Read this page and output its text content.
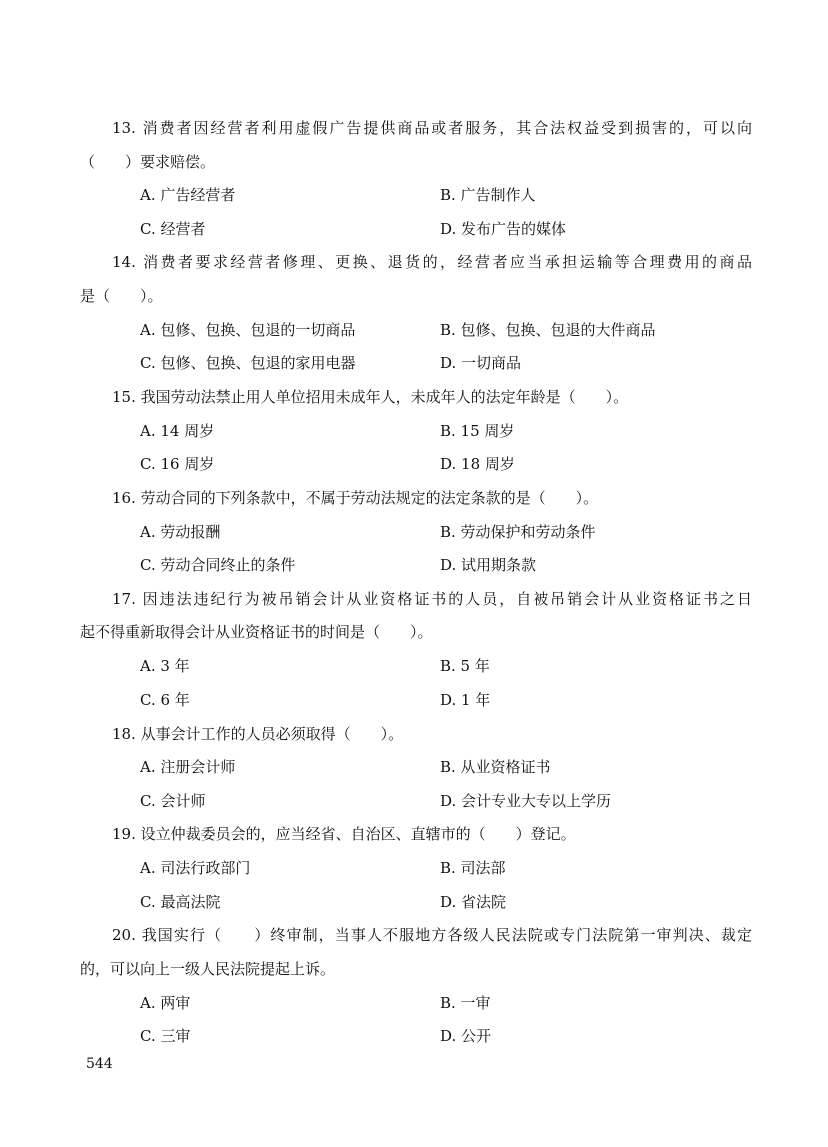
13. 消费者因经营者利用虚假广告提供商品或者服务，其合法权益受到损害的，可以向
（　　）要求赔偿。
A. 广告经营者	B. 广告制作人
C. 经营者	D. 发布广告的媒体
14. 消费者要求经营者修理、更换、退货的，经营者应当承担运输等合理费用的商品
是（　　）。
A. 包修、包换、包退的一切商品	B. 包修、包换、包退的大件商品
C. 包修、包换、包退的家用电器	D. 一切商品
15. 我国劳动法禁止用人单位招用未成年人，未成年人的法定年龄是（　　）。
A. 14 周岁	B. 15 周岁
C. 16 周岁	D. 18 周岁
16. 劳动合同的下列条款中，不属于劳动法规定的法定条款的是（　　）。
A. 劳动报酬	B. 劳动保护和劳动条件
C. 劳动合同终止的条件	D. 试用期条款
17. 因违法违纪行为被吊销会计从业资格证书的人员，自被吊销会计从业资格证书之日
起不得重新取得会计从业资格证书的时间是（　　）。
A. 3 年	B. 5 年
C. 6 年	D. 1 年
18. 从事会计工作的人员必须取得（　　）。
A. 注册会计师	B. 从业资格证书
C. 会计师	D. 会计专业大专以上学历
19. 设立仲裁委员会的，应当经省、自治区、直辖市的（　　）登记。
A. 司法行政部门	B. 司法部
C. 最高法院	D. 省法院
20. 我国实行（　　）终审制，当事人不服地方各级人民法院或专门法院第一审判决、裁定
的，可以向上一级人民法院提起上诉。
A. 两审	B. 一审
C. 三审	D. 公开
544
